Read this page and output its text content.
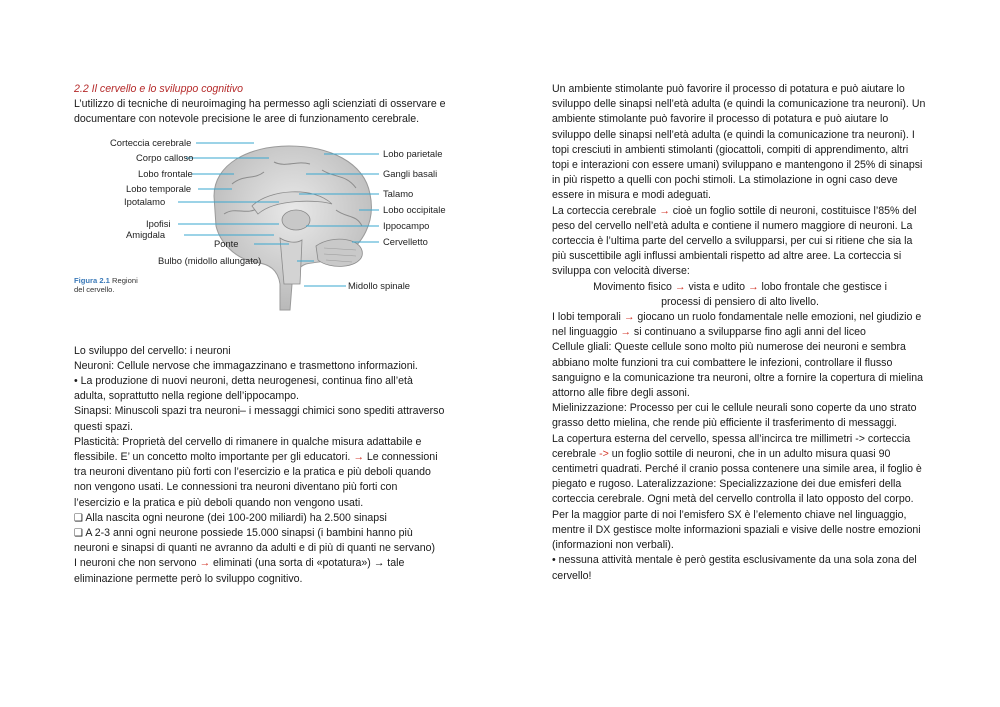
2.2 Il cervello e lo sviluppo cognitivo

L’utilizzo di tecniche di neuroimaging ha permesso agli scienziati di osservare e documentare con notevole precisione le aree di funzionamento cerebrale.

Corteccia cerebrale
Corpo calloso
Lobo frontale
Lobo temporale
Ipotalamo
Ipofisi
Amigdala
Ponte
Bulbo (midollo allungato)
Lobo parietale
Gangli basali
Talamo
Lobo occipitale
Ippocampo
Cervelletto
Midollo spinale
Figura 2.1 Regioni
del cervello.

Lo sviluppo del cervello: i neuroni

Neuroni: Cellule nervose che immagazzinano e trasmettono informazioni.

• La produzione di nuovi neuroni, detta neurogenesi, continua fino all’età adulta, soprattutto nella regione dell’ippocampo.

Sinapsi: Minuscoli spazi tra neuroni– i messaggi chimici sono spediti attraverso questi spazi.

Plasticità: Proprietà del cervello di rimanere in qualche misura adattabile e flessibile. E’ un concetto molto importante per gli educatori. → Le connessioni tra neuroni diventano più forti con l’esercizio e la pratica e più deboli quando non vengono usati. Le connessioni tra neuroni diventano più forti con l’esercizio e la pratica e più deboli quando non vengono usati.

❑ Alla nascita ogni neurone (dei 100-200 miliardi) ha 2.500 sinapsi

❑ A 2-3 anni ogni neurone possiede 15.000 sinapsi (i bambini hanno più neuroni e sinapsi di quanti ne avranno da adulti e di più di quanti ne servano)

I neuroni che non servono → eliminati (una sorta di «potatura») → tale eliminazione permette però lo sviluppo cognitivo.

Un ambiente stimolante può favorire il processo di potatura e può aiutare lo sviluppo delle sinapsi nell’età adulta (e quindi la comunicazione tra neuroni). Un ambiente stimolante può favorire il processo di potatura e può aiutare lo sviluppo delle sinapsi nell’età adulta (e quindi la comunicazione tra neuroni). I topi cresciuti in ambienti stimolanti (giocattoli, compiti di apprendimento, altri topi e interazioni con essere umani) sviluppano e mantengono il 25% di sinapsi in più rispetto a quelli con pochi stimoli. La stimolazione in ogni caso deve essere in misura e modi adeguati.

La corteccia cerebrale → cioè un foglio sottile di neuroni, costituisce l’85% del peso del cervello nell’età adulta e contiene il numero maggiore di neuroni. La corteccia è l’ultima parte del cervello a svilupparsi, per cui si ritiene che sia la più suscettibile agli influssi ambientali rispetto ad altre aree. La corteccia si sviluppa con velocità diverse:

Movimento fisico → vista e udito → lobo frontale che gestisce i
processi di pensiero di alto livello.

I lobi temporali → giocano un ruolo fondamentale nelle emozioni, nel giudizio e nel linguaggio → si continuano a svilupparse fino agli anni del liceo

Cellule gliali: Queste cellule sono molto più numerose dei neuroni e sembra abbiano molte funzioni tra cui combattere le infezioni, controllare il flusso sanguigno e la comunicazione tra neuroni, oltre a fornire la copertura di mielina attorno alle fibre degli assoni.

Mielinizzazione: Processo per cui le cellule neurali sono coperte da uno strato grasso detto mielina, che rende più efficiente il trasferimento di messaggi.

La copertura esterna del cervello, spessa all’incirca tre millimetri -> corteccia cerebrale -> un foglio sottile di neuroni, che in un adulto misura quasi 90 centimetri quadrati. Perché il cranio possa contenere una simile area, il foglio è piegato e rugoso. Lateralizzazione: Specializzazione dei due emisferi della corteccia cerebrale. Ogni metà del cervello controlla il lato opposto del corpo. Per la maggior parte di noi l’emisfero SX è l’elemento chiave nel linguaggio, mentre il DX gestisce molte informazioni spaziali e visive delle nostre emozioni (informazioni non verbali).

• nessuna attività mentale è però gestita esclusivamente da una sola zona del cervello!
